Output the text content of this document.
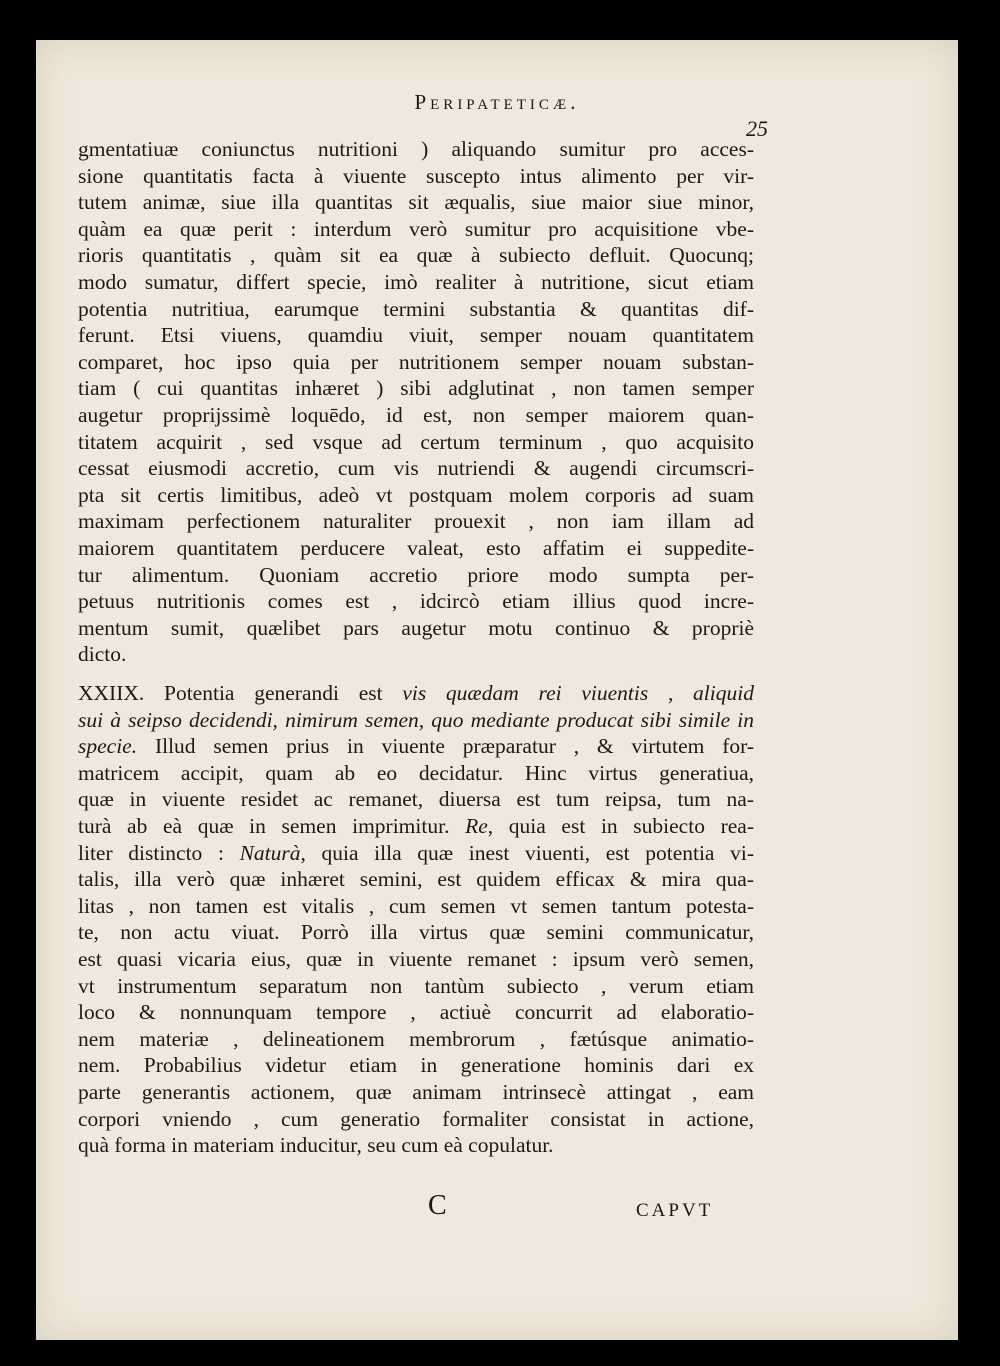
Peripateticæ.
25
gmentatiuæ coniunctus nutritioni ) aliquando sumitur pro acces-
sione quantitatis facta à viuente suscepto intus alimento per vir-
tutem animæ, siue illa quantitas sit æqualis, siue maior siue minor,
quàm ea quæ perit : interdum verò sumitur pro acquisitione vbe-
rioris quantitatis , quàm sit ea quæ à subiecto defluit. Quocunq;
modo sumatur, differt specie, imò realiter à nutritione, sicut etiam
potentia nutritiua, earumque termini substantia & quantitas dif-
ferunt. Etsi viuens, quamdiu viuit, semper nouam quantitatem
comparet, hoc ipso quia per nutritionem semper nouam substan-
tiam ( cui quantitas inhæret ) sibi adglutinat , non tamen semper
augetur proprijssimè loquēdo, id est, non semper maiorem quan-
titatem acquirit , sed vsque ad certum terminum , quo acquisito
cessat eiusmodi accretio, cum vis nutriendi & augendi circumscri-
pta sit certis limitibus, adeò vt postquam molem corporis ad suam
maximam perfectionem naturaliter prouexit , non iam illam ad
maiorem quantitatem perducere valeat, esto affatim ei suppedite-
tur alimentum. Quoniam accretio priore modo sumpta per-
petuus nutritionis comes est , idcircò etiam illius quod incre-
mentum sumit, quælibet pars augetur motu continuo & propriè
dicto.
XXIIX. Potentia generandi est vis quædam rei viuentis , aliquid
sui à seipso decidendi, nimirum semen, quo mediante producat sibi simile in
specie. Illud semen prius in viuente præparatur , & virtutem for-
matricem accipit, quam ab eo decidatur. Hinc virtus generatiua,
quæ in viuente residet ac remanet, diuersa est tum reipsa, tum na-
turà ab eà quæ in semen imprimitur. Re, quia est in subiecto rea-
liter distincto : Naturà, quia illa quæ inest viuenti, est potentia vi-
talis, illa verò quæ inhæret semini, est quidem efficax & mira qua-
litas , non tamen est vitalis , cum semen vt semen tantum potesta-
te, non actu viuat. Porrò illa virtus quæ semini communicatur,
est quasi vicaria eius, quæ in viuente remanet : ipsum verò semen,
vt instrumentum separatum non tantùm subiecto , verum etiam
loco & nonnunquam tempore , actiuè concurrit ad elaboratio-
nem materiæ , delineationem membrorum , fætúsque animatio-
nem. Probabilius videtur etiam in generatione hominis dari ex
parte generantis actionem, quæ animam intrinsecè attingat , eam
corpori vniendo , cum generatio formaliter consistat in actione,
quà forma in materiam inducitur, seu cum eà copulatur.
C	CAPVT
